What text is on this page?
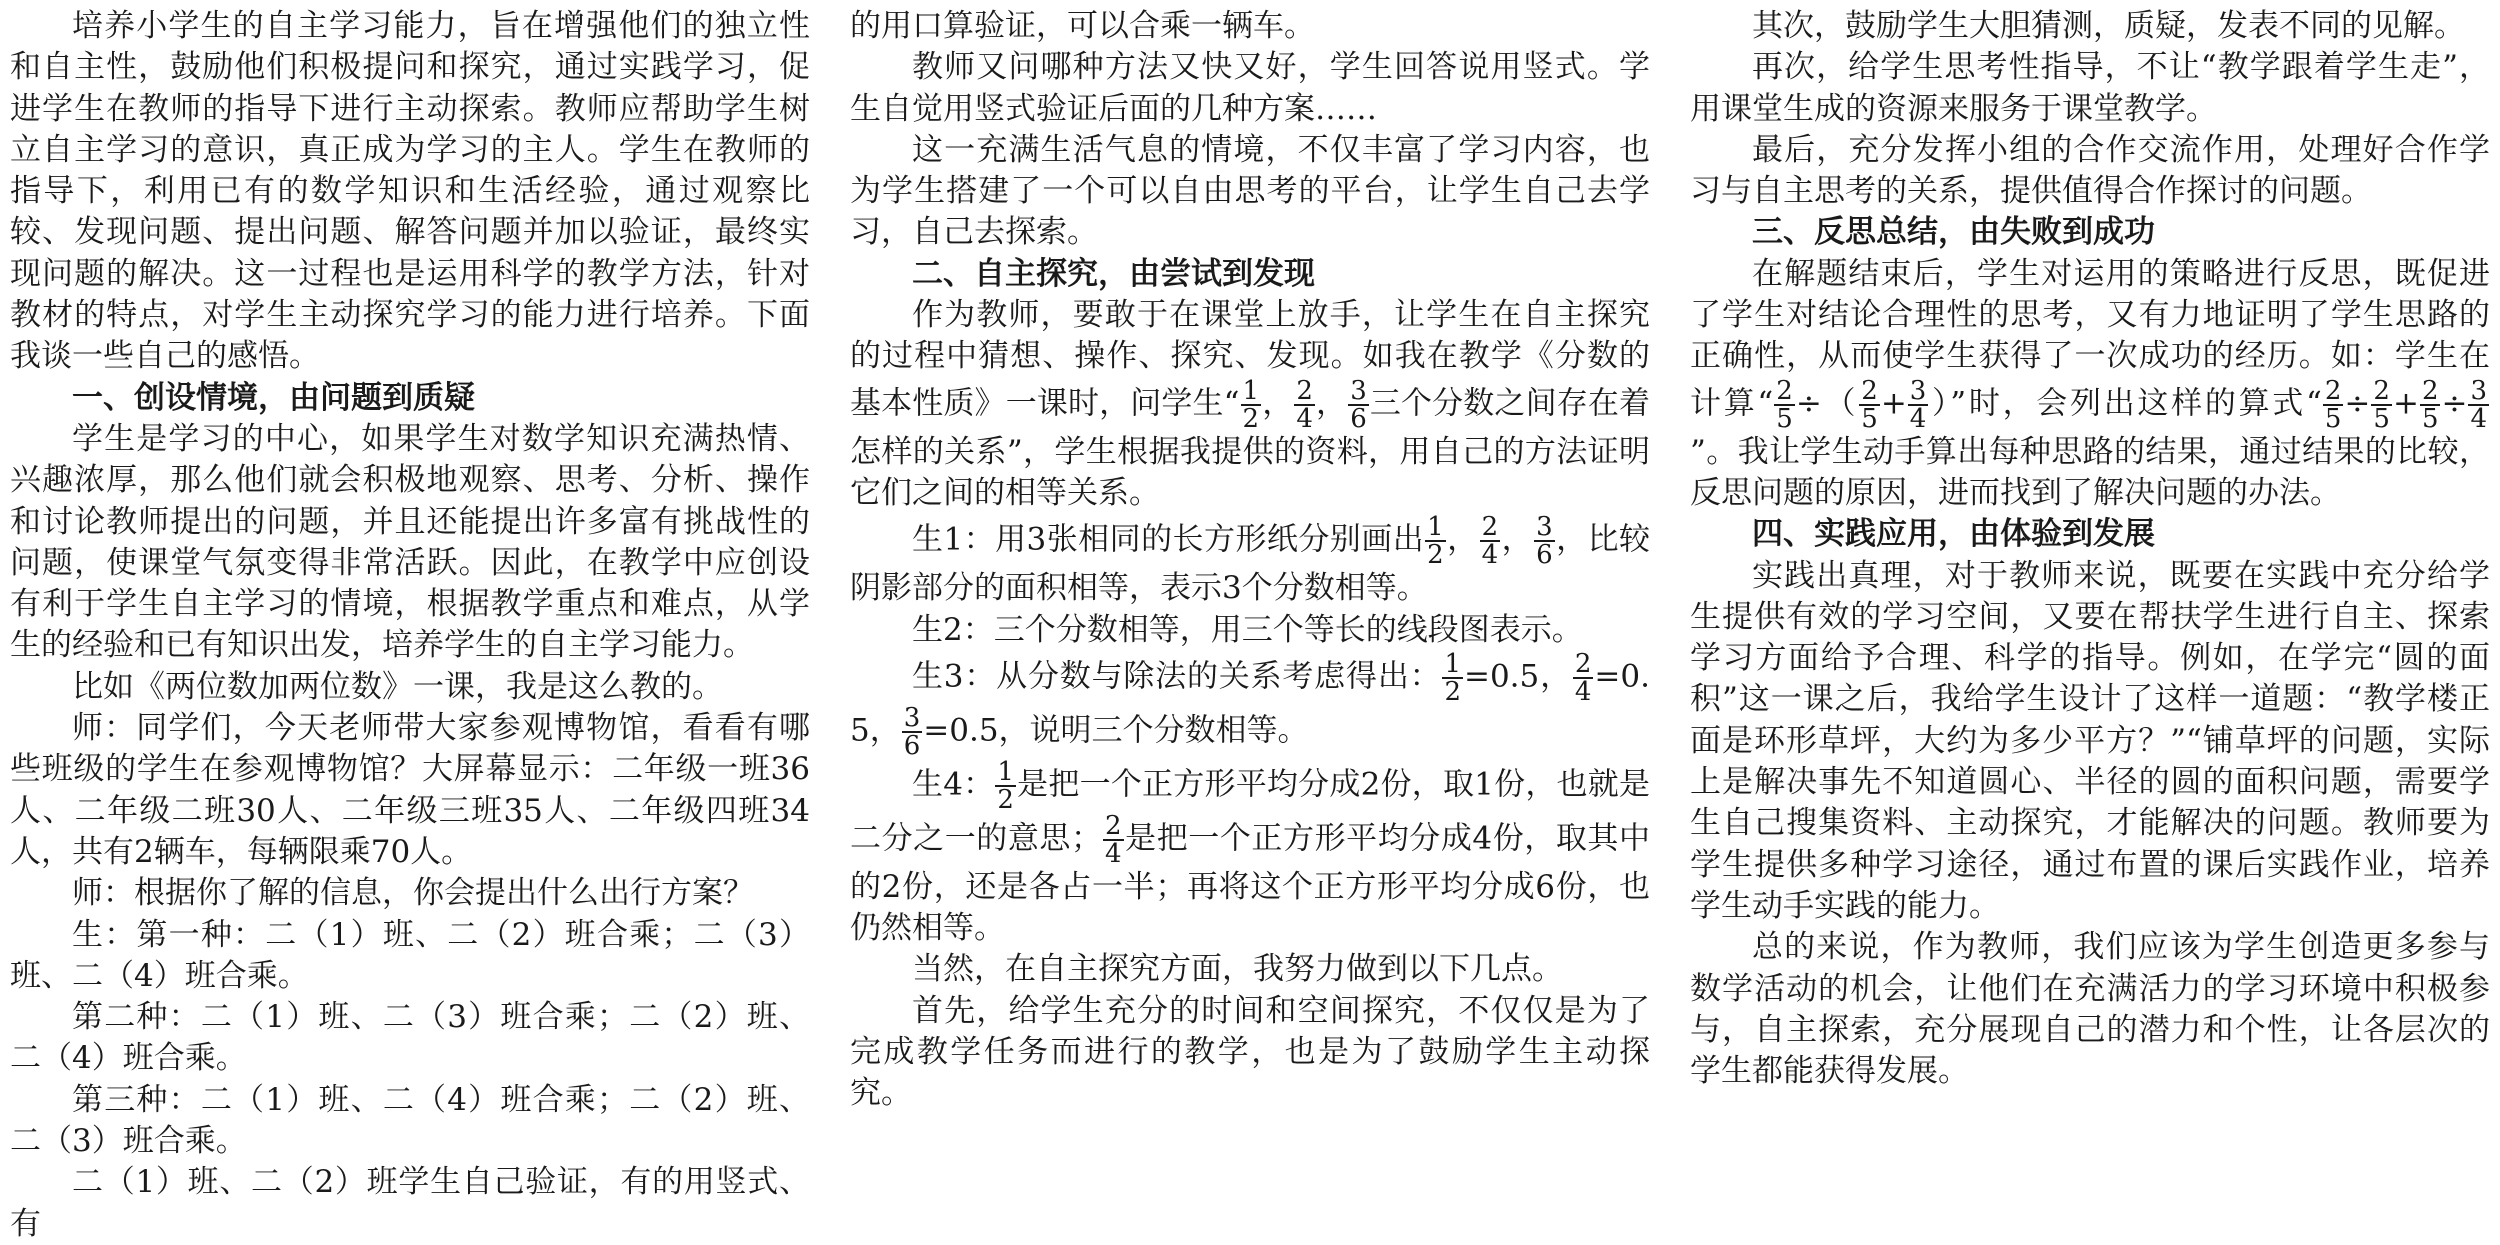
培养小学生的自主学习能力，旨在增强他们的独立性和自主性，鼓励他们积极提问和探究，通过实践学习，促进学生在教师的指导下进行主动探索。教师应帮助学生树立自主学习的意识，真正成为学习的主人。学生在教师的指导下，利用已有的数学知识和生活经验，通过观察比较、发现问题、提出问题、解答问题并加以验证，最终实现问题的解决。这一过程也是运用科学的教学方法，针对教材的特点，对学生主动探究学习的能力进行培养。下面我谈一些自己的感悟。

一、创设情境，由问题到质疑

学生是学习的中心，如果学生对数学知识充满热情、兴趣浓厚，那么他们就会积极地观察、思考、分析、操作和讨论教师提出的问题，并且还能提出许多富有挑战性的问题，使课堂气氛变得非常活跃。因此，在教学中应创设有利于学生自主学习的情境，根据教学重点和难点，从学生的经验和已有知识出发，培养学生的自主学习能力。

比如《两位数加两位数》一课，我是这么教的。

师：同学们，今天老师带大家参观博物馆，看看有哪些班级的学生在参观博物馆？大屏幕显示：二年级一班36人、二年级二班30人、二年级三班35人、二年级四班34人，共有2辆车，每辆限乘70人。

师：根据你了解的信息，你会提出什么出行方案？

生：第一种：二（1）班、二（2）班合乘；二（3）班、二（4）班合乘。

第二种：二（1）班、二（3）班合乘；二（2）班、二（4）班合乘。

第三种：二（1）班、二（4）班合乘；二（2）班、二（3）班合乘。

二（1）班、二（2）班学生自己验证，有的用竖式、有

的用口算验证，可以合乘一辆车。

教师又问哪种方法又快又好，学生回答说用竖式。学生自觉用竖式验证后面的几种方案……

这一充满生活气息的情境，不仅丰富了学习内容，也为学生搭建了一个可以自由思考的平台，让学生自己去学习，自己去探索。

二、自主探究，由尝试到发现

作为教师，要敢于在课堂上放手，让学生在自主探究的过程中猜想、操作、探究、发现。如我在教学《分数的基本性质》一课时，问学生“ $\frac{1}{2}$ ， $\frac{2}{4}$ ， $\frac{3}{6}$ 三个分数之间存在着怎样的关系”，学生根据我提供的资料，用自己的方法证明它们之间的相等关系。

生1：用3张相同的长方形纸分别画出 $\frac{1}{2}$ ， $\frac{2}{4}$ ， $\frac{3}{6}$ ，比较阴影部分的面积相等，表示3个分数相等。

生2：三个分数相等，用三个等长的线段图表示。

生3：从分数与除法的关系考虑得出： $\frac{1}{2} =0.5$， $\frac{2}{4} =0.5$， $\frac{3}{6} =0.5$，说明三个分数相等。

生4： $\frac{1}{2}$ 是把一个正方形平均分成2份，取1份，也就是二分之一的意思； $\frac{2}{4}$ 是把一个正方形平均分成4份，取其中的2份，还是各占一半；再将这个正方形平均分成6份，也仍然相等。

当然，在自主探究方面，我努力做到以下几点。

首先，给学生充分的时间和空间探究，不仅仅是为了完成教学任务而进行的教学，也是为了鼓励学生主动探究。

其次，鼓励学生大胆猜测，质疑，发表不同的见解。

再次，给学生思考性指导，不让“教学跟着学生走”，用课堂生成的资源来服务于课堂教学。

最后，充分发挥小组的合作交流作用，处理好合作学习与自主思考的关系，提供值得合作探讨的问题。

三、反思总结，由失败到成功

在解题结束后，学生对运用的策略进行反思，既促进了学生对结论合理性的思考，又有力地证明了学生思路的正确性，从而使学生获得了一次成功的经历。如：学生在计算“ $\frac{2}{5}$ ÷（ $\frac{2}{5} + \frac{3}{4}$ ）”时，会列出这样的算式“ $\frac{2}{5} \div \frac{2}{5} + \frac{2}{5} \div \frac{3}{4}$
”。我让学生动手算出每种思路的结果，通过结果的比较，反思问题的原因，进而找到了解决问题的办法。

四、实践应用，由体验到发展

实践出真理，对于教师来说，既要在实践中充分给学生提供有效的学习空间，又要在帮扶学生进行自主、探索学习方面给予合理、科学的指导。例如，在学完“圆的面积”这一课之后，我给学生设计了这样一道题：“教学楼正面是环形草坪，大约为多少平方？”“铺草坪的问题，实际上是解决事先不知道圆心、半径的圆的面积问题，需要学生自己搜集资料、主动探究，才能解决的问题。教师要为学生提供多种学习途径，通过布置的课后实践作业，培养学生动手实践的能力。

总的来说，作为教师，我们应该为学生创造更多参与数学活动的机会，让他们在充满活力的学习环境中积极参与，自主探索，充分展现自己的潜力和个性，让各层次的学生都能获得发展。
